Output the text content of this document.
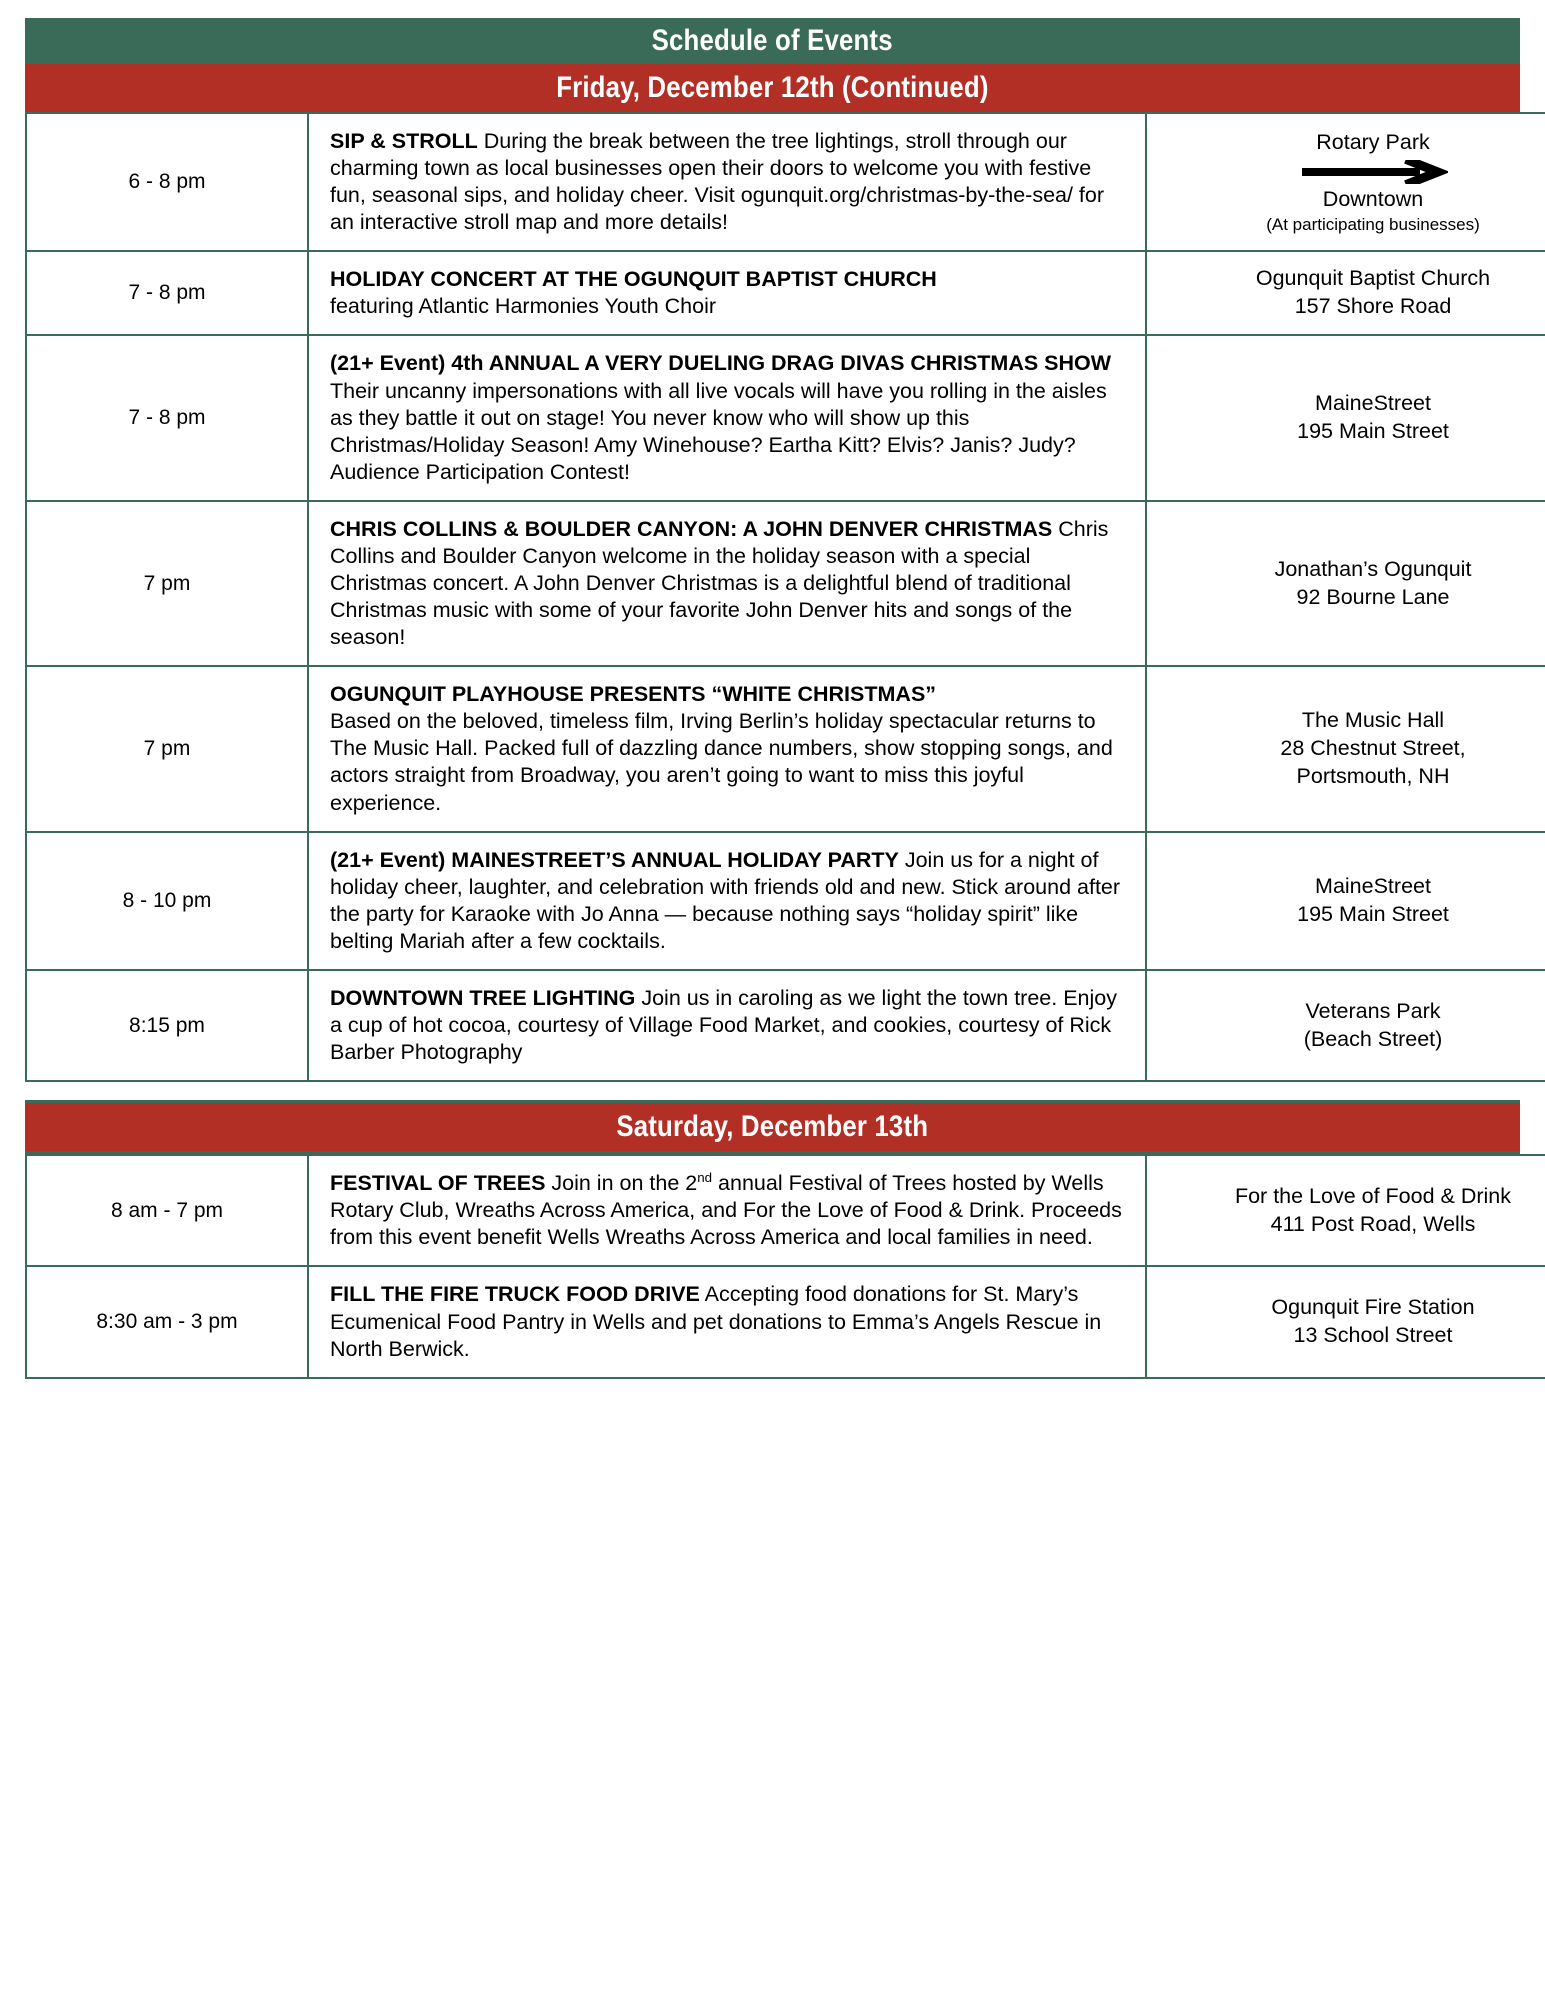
Schedule of Events
Friday, December 12th (Continued)
6 - 8 pm	SIP & STROLL During the break between the tree lightings, stroll through our charming town as local businesses open their doors to welcome you with festive fun, seasonal sips, and holiday cheer. Visit ogunquit.org/christmas-by-the-sea/ for an interactive stroll map and more details!	Rotary Park
Downtown
(At participating businesses)

7 - 8 pm	HOLIDAY CONCERT AT THE OGUNQUIT BAPTIST CHURCH
featuring Atlantic Harmonies Youth Choir	Ogunquit Baptist Church
157 Shore Road
7 - 8 pm	(21+ Event) 4th ANNUAL A VERY DUELING DRAG DIVAS CHRISTMAS SHOW Their uncanny impersonations with all live vocals will have you rolling in the aisles as they battle it out on stage! You never know who will show up this Christmas/Holiday Season! Amy Winehouse? Eartha Kitt? Elvis? Janis? Judy? Audience Participation Contest!	MaineStreet
195 Main Street
7 pm	CHRIS COLLINS & BOULDER CANYON: A JOHN DENVER CHRISTMAS Chris Collins and Boulder Canyon welcome in the holiday season with a special Christmas concert. A John Denver Christmas is a delightful blend of traditional Christmas music with some of your favorite John Denver hits and songs of the season!	Jonathan’s Ogunquit
92 Bourne Lane
7 pm	OGUNQUIT PLAYHOUSE PRESENTS “WHITE CHRISTMAS”
Based on the beloved, timeless film, Irving Berlin’s holiday spectacular returns to The Music Hall. Packed full of dazzling dance numbers, show stopping songs, and actors straight from Broadway, you aren’t going to want to miss this joyful experience.	The Music Hall
28 Chestnut Street,
Portsmouth, NH
8 - 10 pm	(21+ Event) MAINESTREET’S ANNUAL HOLIDAY PARTY Join us for a night of holiday cheer, laughter, and celebration with friends old and new. Stick around after the party for Karaoke with Jo Anna — because nothing says “holiday spirit” like belting Mariah after a few cocktails.	MaineStreet
195 Main Street
8:15 pm	DOWNTOWN TREE LIGHTING Join us in caroling as we light the town tree. Enjoy a cup of hot cocoa, courtesy of Village Food Market, and cookies, courtesy of Rick Barber Photography	Veterans Park
(Beach Street)
Saturday, December 13th
8 am - 7 pm	FESTIVAL OF TREES Join in on the 2nd annual Festival of Trees hosted by Wells Rotary Club, Wreaths Across America, and For the Love of Food & Drink. Proceeds from this event benefit Wells Wreaths Across America and local families in need.	For the Love of Food & Drink
411 Post Road, Wells
8:30 am - 3 pm	FILL THE FIRE TRUCK FOOD DRIVE Accepting food donations for St. Mary’s Ecumenical Food Pantry in Wells and pet donations to Emma’s Angels Rescue in North Berwick.	Ogunquit Fire Station
13 School Street
